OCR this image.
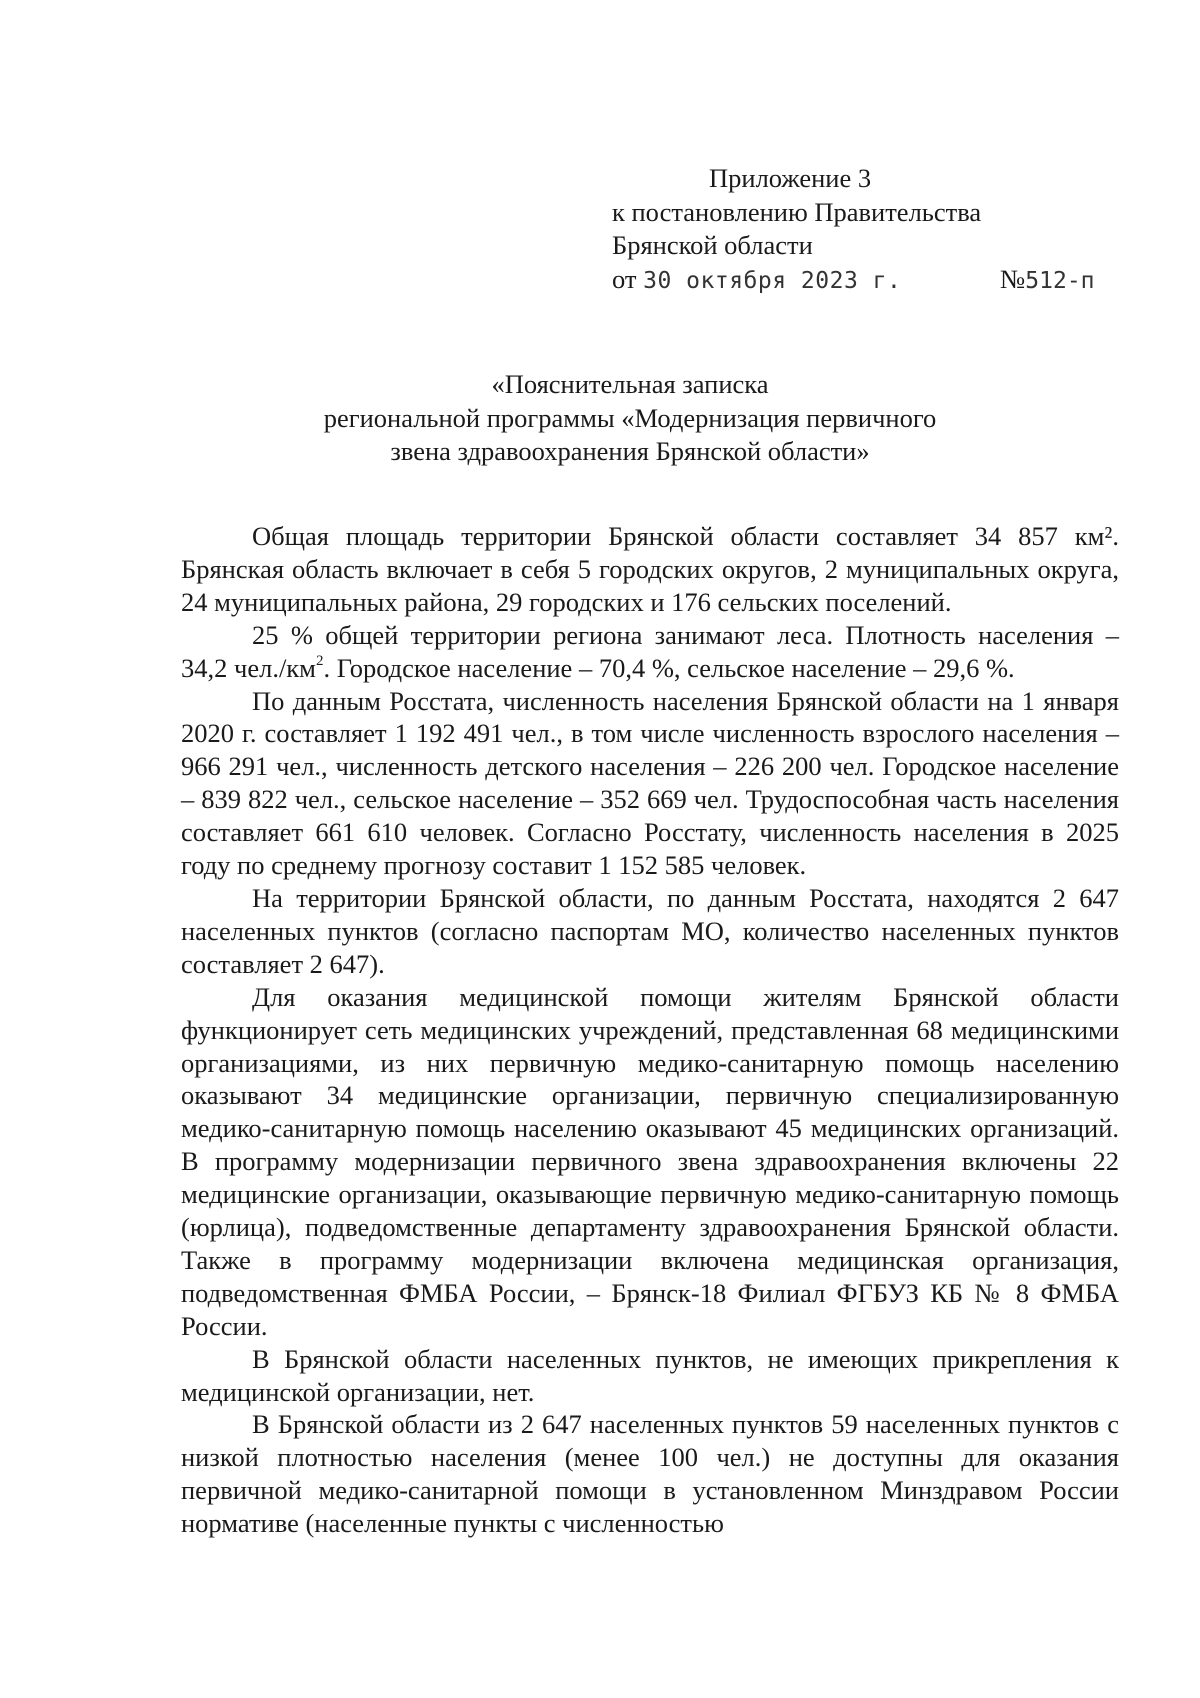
Приложение 3
к постановлению Правительства
Брянской области
от 30 октября 2023 г.	№512-п
«Пояснительная записка
региональной программы «Модернизация первичного
звена здравоохранения Брянской области»

Общая площадь территории Брянской области составляет 34 857 км². Брянская область включает в себя 5 городских округов, 2 муниципальных округа, 24 муниципальных района, 29 городских и 176 сельских поселений.

25 % общей территории региона занимают леса. Плотность населения – 34,2 $чел./км^2$. Городское население – 70,4 %, сельское население – 29,6 %.

По данным Росстата, численность населения Брянской области на 1 января 2020 г. составляет 1 192 491 чел., в том числе численность взрослого населения – 966 291 чел., численность детского населения – 226 200 чел. Городское население – 839 822 чел., сельское население – 352 669 чел. Трудоспособная часть населения составляет 661 610 человек. Согласно Росстату, численность населения в 2025 году по среднему прогнозу составит 1 152 585 человек.

На территории Брянской области, по данным Росстата, находятся 2 647 населенных пунктов (согласно паспортам МО, количество населенных пунктов составляет 2 647).

Для оказания медицинской помощи жителям Брянской области функционирует сеть медицинских учреждений, представленная 68 медицинскими организациями, из них первичную медико-санитарную помощь населению оказывают 34 медицинские организации, первичную специализированную медико-санитарную помощь населению оказывают 45 медицинских организаций. В программу модернизации первичного звена здравоохранения включены 22 медицинские организации, оказывающие первичную медико-санитарную помощь (юрлица), подведомственные департаменту здравоохранения Брянской области. Также в программу модернизации включена медицинская организация, подведомственная ФМБА России, – Брянск-18 Филиал ФГБУЗ КБ № 8 ФМБА России.

В Брянской области населенных пунктов, не имеющих прикрепления к медицинской организации, нет.

В Брянской области из 2 647 населенных пунктов 59 населенных пунктов с низкой плотностью населения (менее 100 чел.) не доступны для оказания первичной медико-санитарной помощи в установленном Минздравом России нормативе (населенные пункты с численностью
